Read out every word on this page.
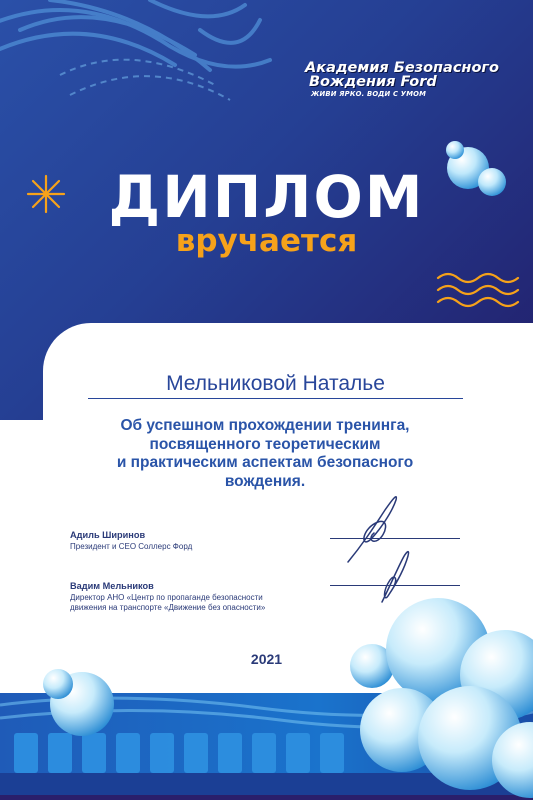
Академия Безопасного
Вождения Ford
ЖИВИ ЯРКО. ВОДИ С УМОМ
ДИПЛОМ
вручается
Мельниковой Наталье
Об успешном прохождении тренинга,
посвященного теоретическим
и практическим аспектам безопасного
вождения.
Адиль Ширинов
Президент и CEO Соллерс Форд
Вадим Мельников
Директор АНО «Центр по пропаганде безопасности
движения на транспорте «Движение без опасности»
2021
